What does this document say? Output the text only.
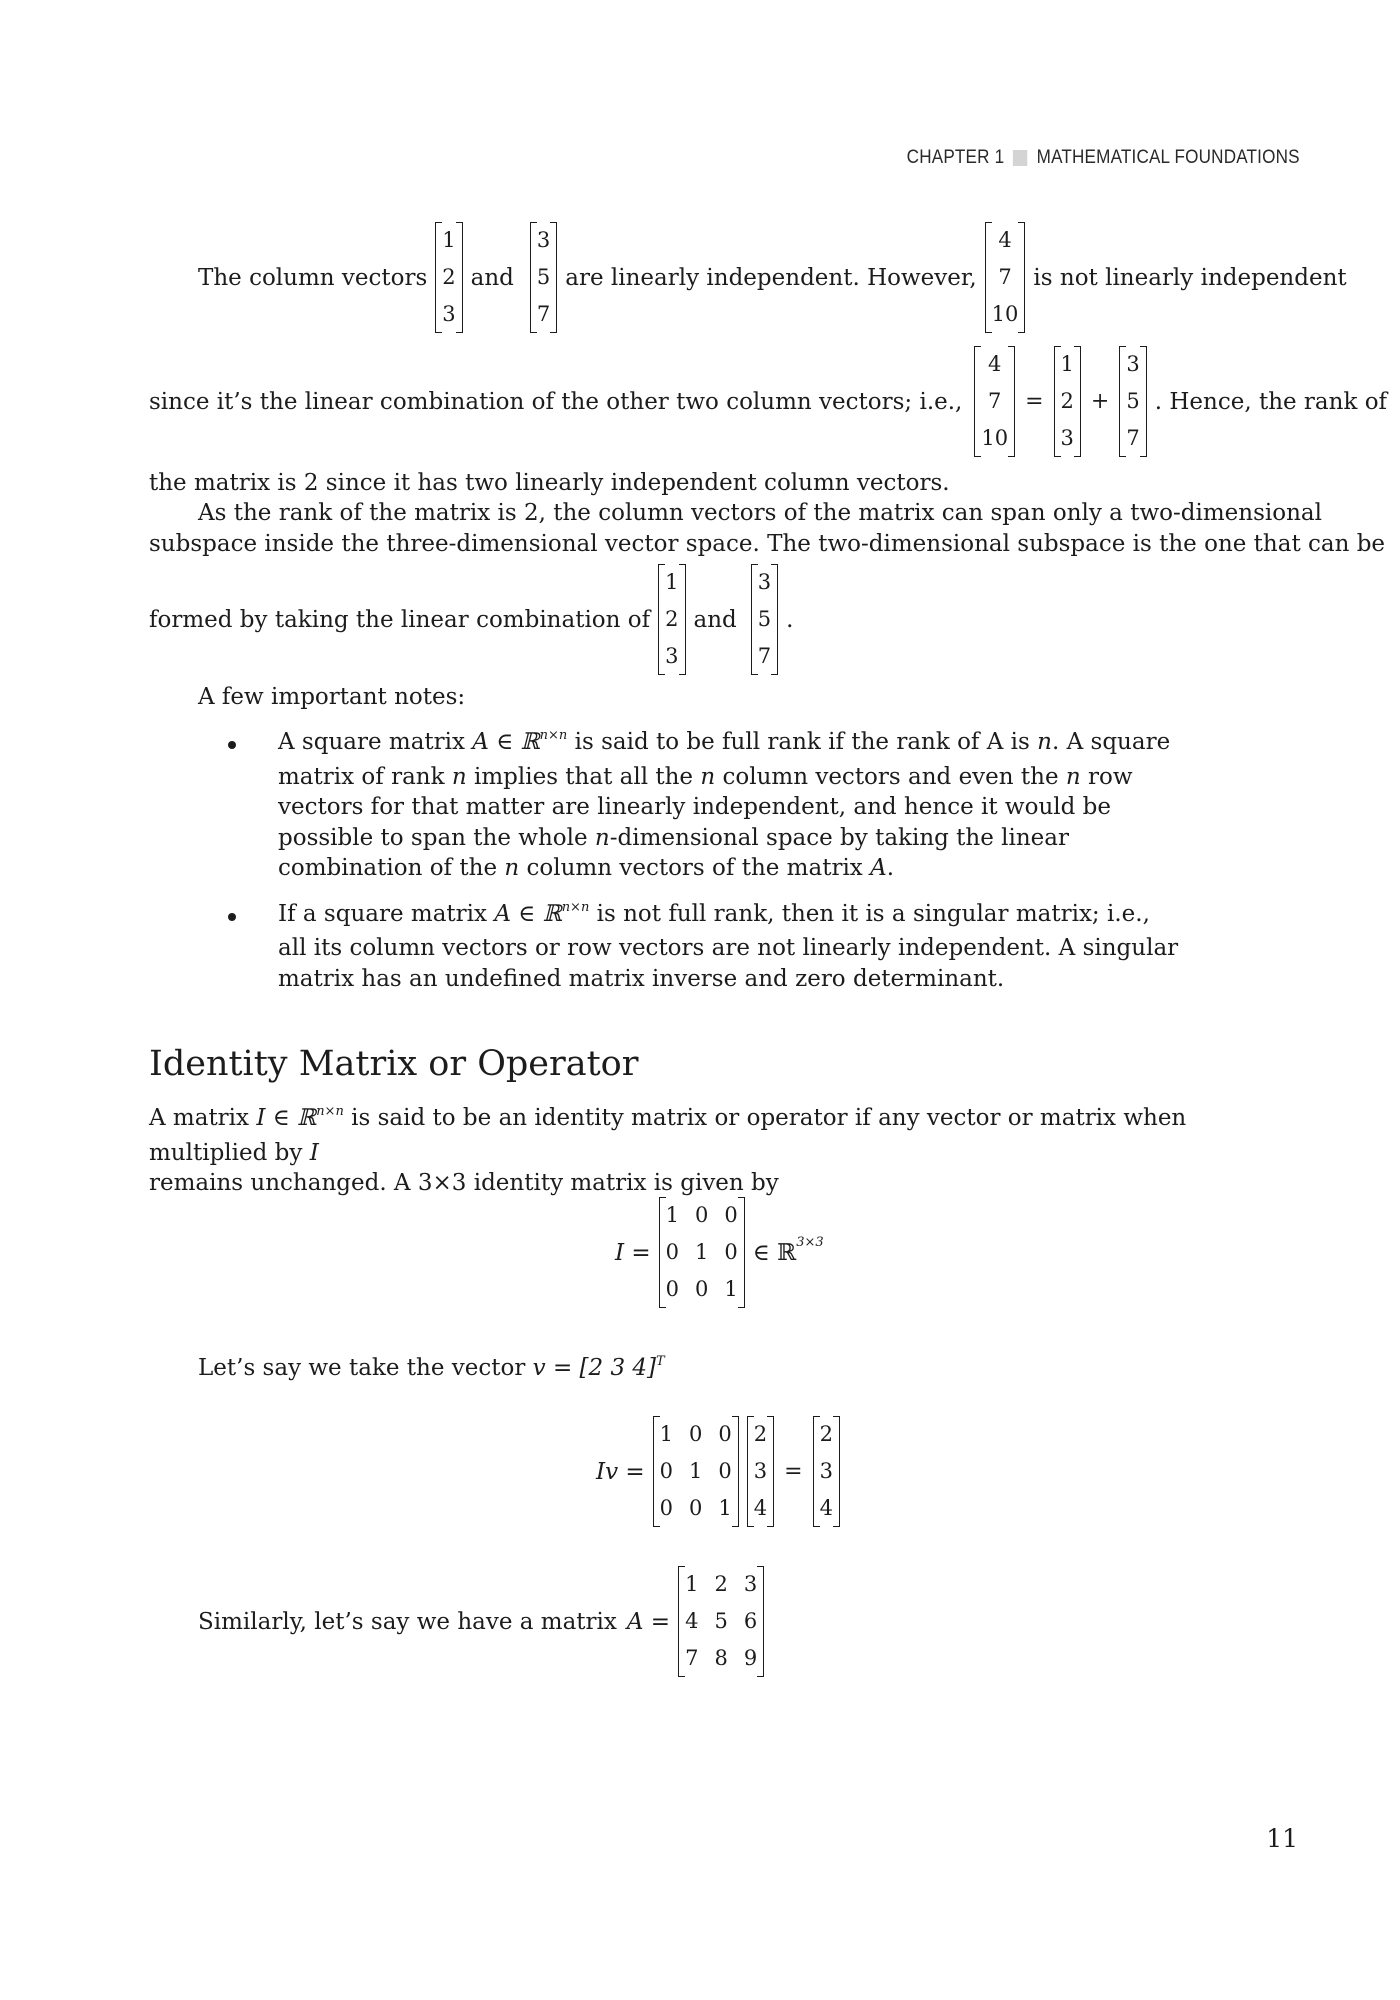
CHAPTER 1 MATHEMATICAL FOUNDATIONS
The column vectors
1
2
3
and
3
5
7
are linearly independent. However,
4
7
10
is not linearly independent
since it’s the linear combination of the other two column vectors; i.e.,
4
7
10
=
1
2
3
+
3
5
7
. Hence, the rank of
the matrix is 2 since it has two linearly independent column vectors.
As the rank of the matrix is 2, the column vectors of the matrix can span only a two-dimensional
subspace inside the three-dimensional vector space. The two-dimensional subspace is the one that can be
formed by taking the linear combination of
1
2
3
and
3
5
7
.
A few important notes:
A square matrix A ∈ ℝ$^{n\times n}$ is said to be full rank if the rank of A is n. A square matrix of rank n implies that all the n column vectors and even the n row vectors for that matter are linearly independent, and hence it would be possible to span the whole n-dimensional space by taking the linear combination of the n column vectors of the matrix A.
If a square matrix A ∈ ℝ$^{n\times n}$ is not full rank, then it is a singular matrix; i.e., all its column vectors or row vectors are not linearly independent. A singular matrix has an undefined matrix inverse and zero determinant.
Identity Matrix or Operator
A matrix I ∈ ℝ$^{n\times n}$ is said to be an identity matrix or operator if any vector or matrix when multiplied by I
remains unchanged. A 3×3 identity matrix is given by
I =
1 0 0
0 1 0
0 0 1
∈ ℝ 3×3
Let’s say we take the vector v = [2 3 4]$^T$
Iv =
1 0 0
0 1 0
0 0 1
2
3
4
=
2
3
4
Similarly, let’s say we have a matrix A =
1 2 3
4 5 6
7 8 9
11
